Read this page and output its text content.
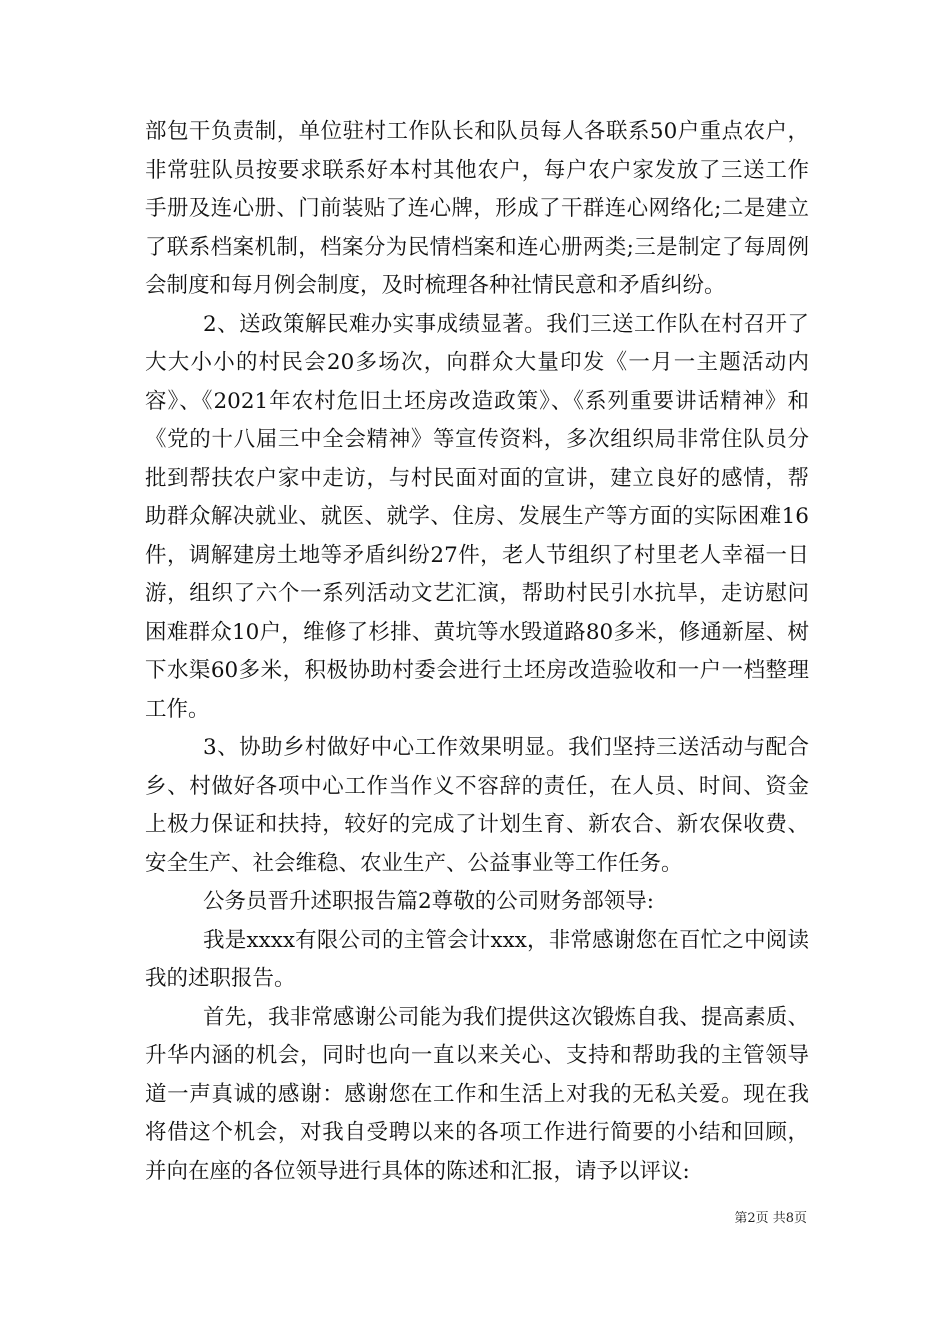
部包干负责制，单位驻村工作队长和队员每人各联系50户重点农户，非常驻队员按要求联系好本村其他农户，每户农户家发放了三送工作手册及连心册、门前装贴了连心牌，形成了干群连心网络化;二是建立了联系档案机制，档案分为民情档案和连心册两类;三是制定了每周例会制度和每月例会制度，及时梳理各种社情民意和矛盾纠纷。

2、送政策解民难办实事成绩显著。我们三送工作队在村召开了大大小小的村民会20多场次，向群众大量印发《一月一主题活动内容》、《2021年农村危旧土坯房改造政策》、《系列重要讲话精神》和《党的十八届三中全会精神》等宣传资料，多次组织局非常住队员分批到帮扶农户家中走访，与村民面对面的宣讲，建立良好的感情，帮助群众解决就业、就医、就学、住房、发展生产等方面的实际困难16件，调解建房土地等矛盾纠纷27件，老人节组织了村里老人幸福一日游，组织了六个一系列活动文艺汇演，帮助村民引水抗旱，走访慰问困难群众10户，维修了杉排、黄坑等水毁道路80多米，修通新屋、树下水渠60多米，积极协助村委会进行土坯房改造验收和一户一档整理工作。

3、协助乡村做好中心工作效果明显。我们坚持三送活动与配合乡、村做好各项中心工作当作义不容辞的责任，在人员、时间、资金上极力保证和扶持，较好的完成了计划生育、新农合、新农保收费、安全生产、社会维稳、农业生产、公益事业等工作任务。

公务员晋升述职报告篇2尊敬的公司财务部领导:

我是xxxx有限公司的主管会计xxx，非常感谢您在百忙之中阅读我的述职报告。

首先，我非常感谢公司能为我们提供这次锻炼自我、提高素质、升华内涵的机会，同时也向一直以来关心、支持和帮助我的主管领导道一声真诚的感谢：感谢您在工作和生活上对我的无私关爱。现在我将借这个机会，对我自受聘以来的各项工作进行简要的小结和回顾，并向在座的各位领导进行具体的陈述和汇报，请予以评议:

第2页 共8页
